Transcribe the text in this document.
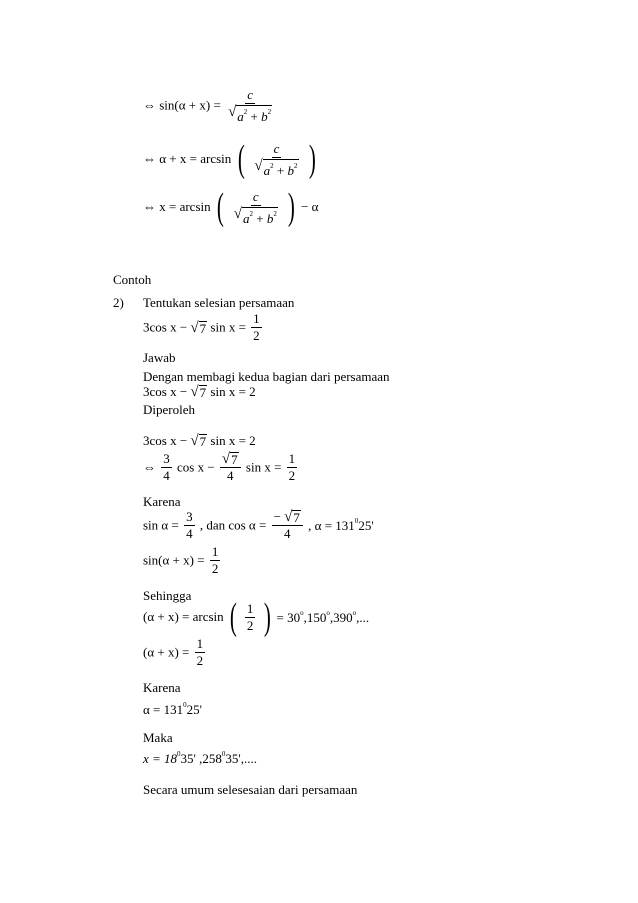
⇔ $\sin(\alpha + x) = \frac{c}{√ a^2 + b^2}$
⇔ α + x = arcsin ( $\frac{c}{√ a^2 + b^2}$ )
⇔ x = arcsin ( $\frac{c}{√ a^2 + b^2}$ ) − α
Contoh
2) Tentukan selesian persamaan
3cos x − √ 7 $\sin x = \frac{1}{2}$
Jawab
Dengan membagi kedua bagian dari persamaan
3cos x − √ 7 sin x = 2
Diperoleh
3cos x − √ 7 sin x = 2
⇔ $\frac{3}{4}$ $\cos x - \frac{√ 7}{4}$ $\sin x = \frac{1}{2}$
Karena
$\sin \alpha = \frac{3}{4}$ , dan $\cos \alpha = \frac{- √ 7}{4}$ , $\alpha = 131^025'$
$\sin(\alpha + x) = \frac{1}{2}$
Sehingga
(α + x) = arcsin ( $\frac{1}{2}$ ) = $30^o,150^o,390^o$,...
$(\alpha + x) = \frac{1}{2}$
Karena
$\alpha = 131^025'$
Maka
$x = 18^035'$ ,258$^0$35',....
Secara umum selesesaian dari persamaan
